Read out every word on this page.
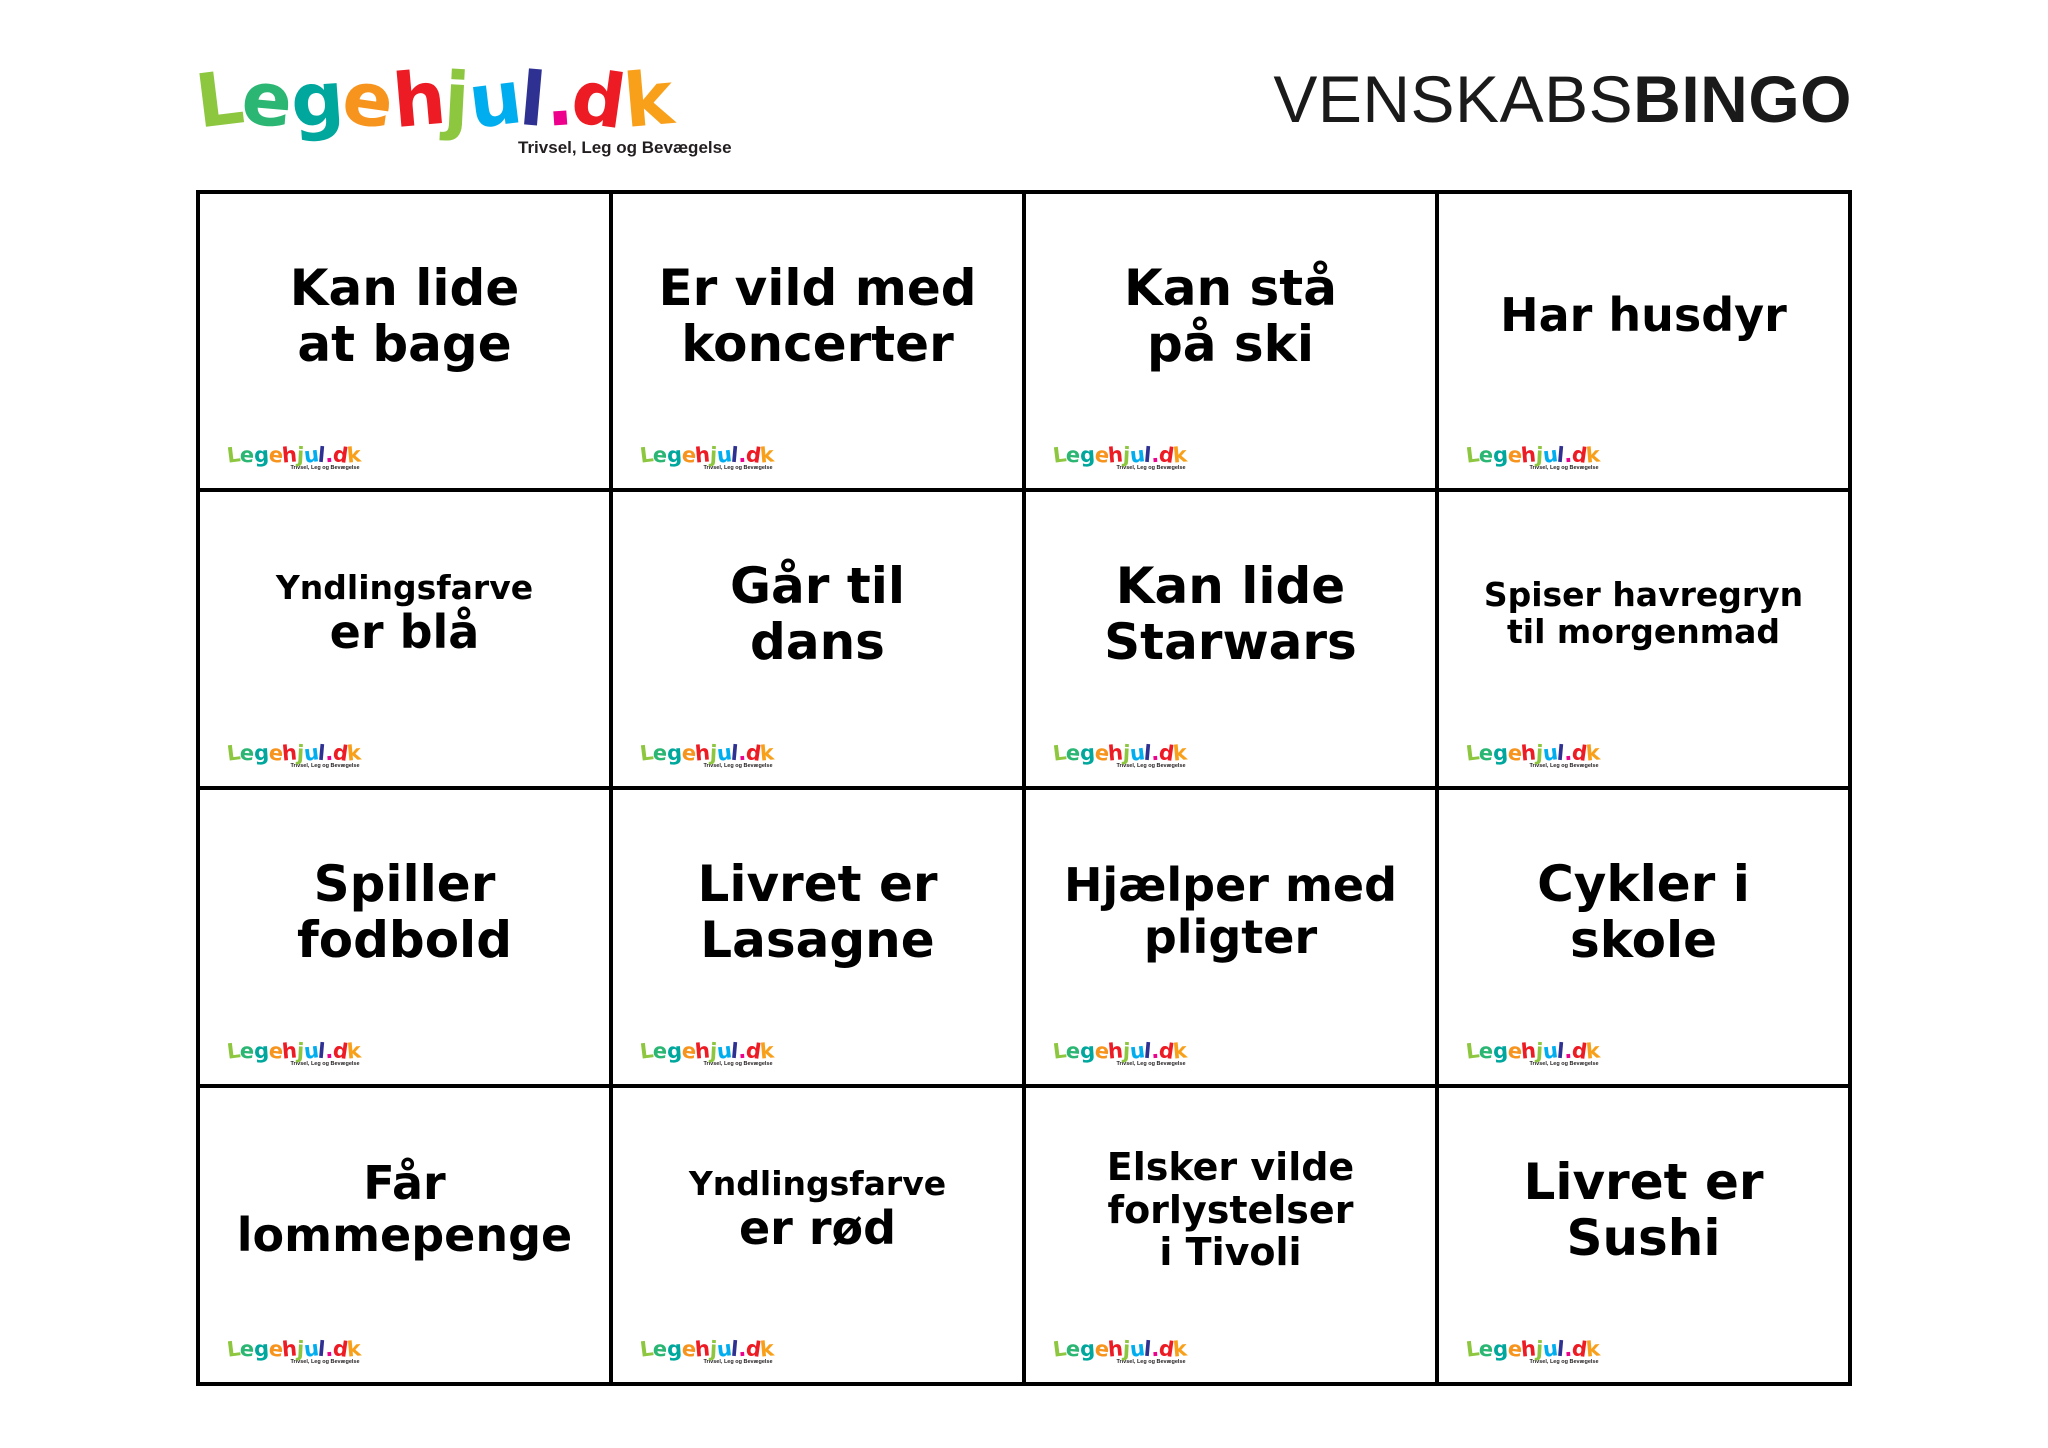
Legehjul.dk
Trivsel, Leg og Bevægelse
VENSKABSBINGO
Kan lide
at bage
Legehjul.dk
Trivsel, Leg og Bevægelse
Er vild med
koncerter
Legehjul.dk
Trivsel, Leg og Bevægelse
Kan stå
på ski
Legehjul.dk
Trivsel, Leg og Bevægelse
Har husdyr
Legehjul.dk
Trivsel, Leg og Bevægelse
Yndlingsfarve
er blå
Legehjul.dk
Trivsel, Leg og Bevægelse
Går til
dans
Legehjul.dk
Trivsel, Leg og Bevægelse
Kan lide
Starwars
Legehjul.dk
Trivsel, Leg og Bevægelse
Spiser havregryn
til morgenmad
Legehjul.dk
Trivsel, Leg og Bevægelse
Spiller
fodbold
Legehjul.dk
Trivsel, Leg og Bevægelse
Livret er
Lasagne
Legehjul.dk
Trivsel, Leg og Bevægelse
Hjælper med
pligter
Legehjul.dk
Trivsel, Leg og Bevægelse
Cykler i
skole
Legehjul.dk
Trivsel, Leg og Bevægelse
Får
lommepenge
Legehjul.dk
Trivsel, Leg og Bevægelse
Yndlingsfarve
er rød
Legehjul.dk
Trivsel, Leg og Bevægelse
Elsker vilde
forlystelser
i Tivoli
Legehjul.dk
Trivsel, Leg og Bevægelse
Livret er
Sushi
Legehjul.dk
Trivsel, Leg og Bevægelse
